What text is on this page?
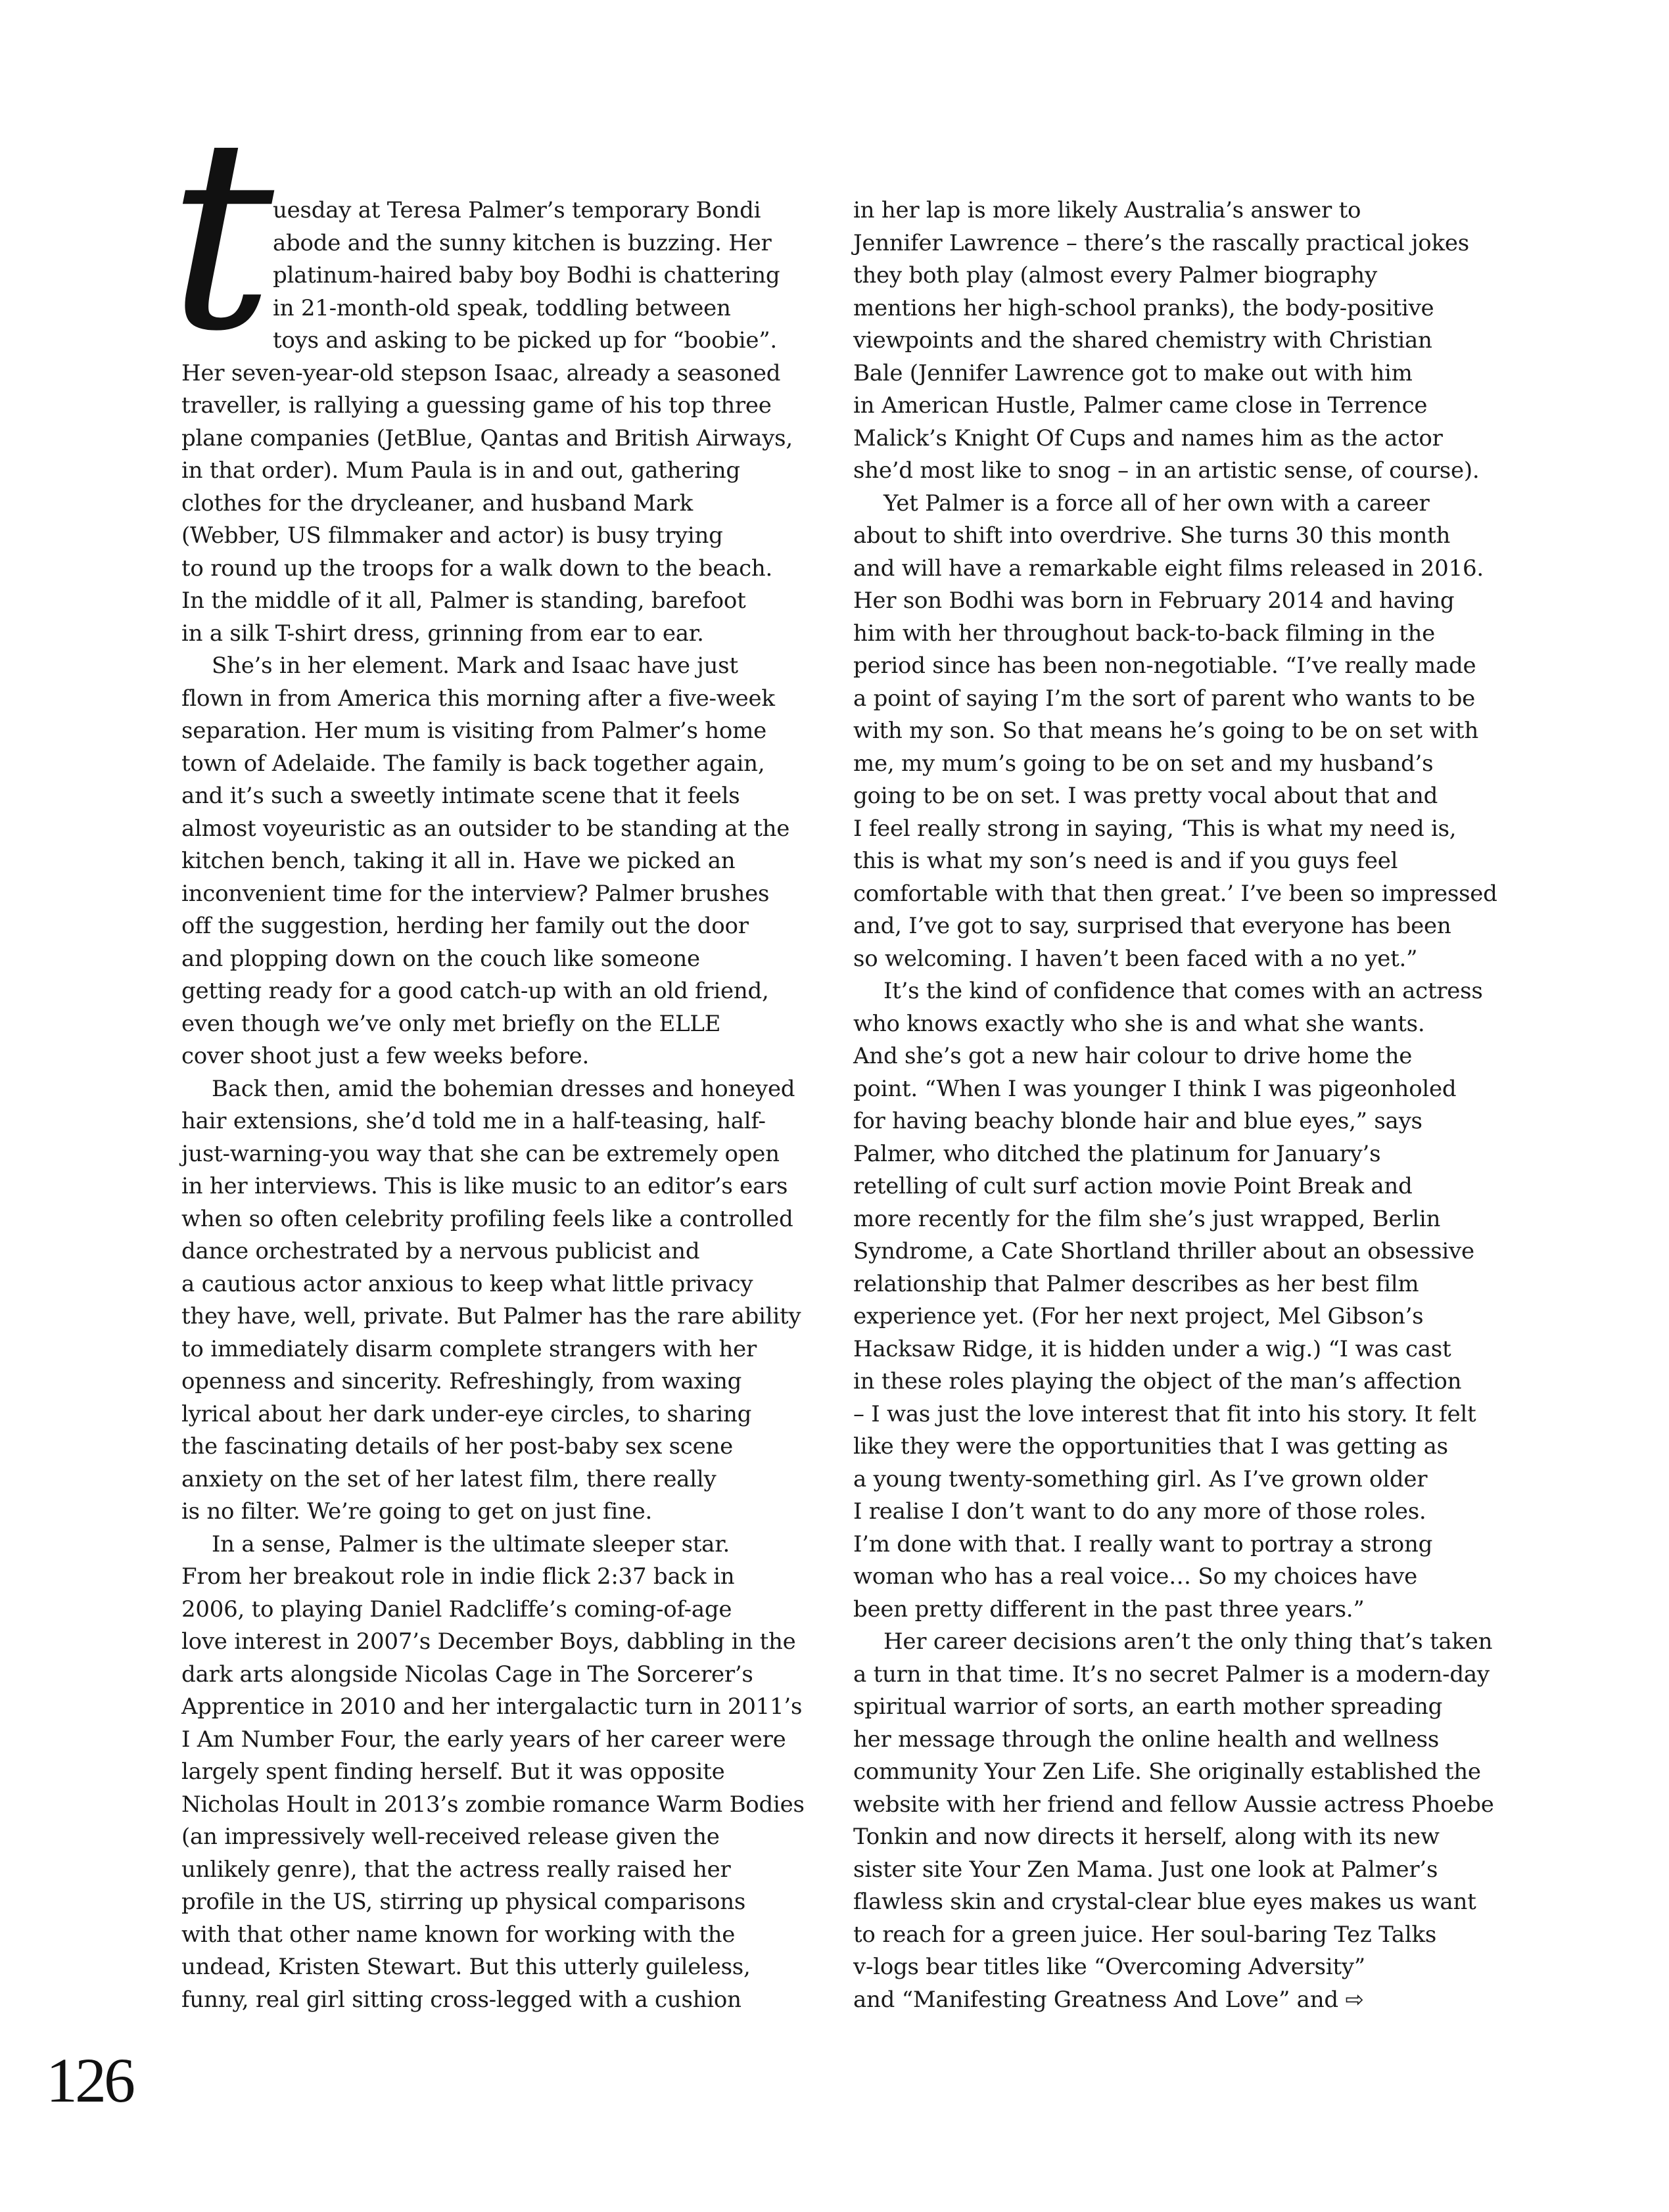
t uesday at Teresa Palmer’s temporary Bondi
abode and the sunny kitchen is buzzing. Her
platinum-haired baby boy Bodhi is chattering
in 21-month-old speak, toddling between
toys and asking to be picked up for “boobie”.
Her seven-year-old stepson Isaac, already a seasoned
traveller, is rallying a guessing game of his top three
plane companies (JetBlue, Qantas and British Airways,
in that order). Mum Paula is in and out, gathering
clothes for the drycleaner, and husband Mark
(Webber, US filmmaker and actor) is busy trying
to round up the troops for a walk down to the beach.
In the middle of it all, Palmer is standing, barefoot
in a silk T-shirt dress, grinning from ear to ear.
She’s in her element. Mark and Isaac have just
flown in from America this morning after a five-week
separation. Her mum is visiting from Palmer’s home
town of Adelaide. The family is back together again,
and it’s such a sweetly intimate scene that it feels
almost voyeuristic as an outsider to be standing at the
kitchen bench, taking it all in. Have we picked an
inconvenient time for the interview? Palmer brushes
off the suggestion, herding her family out the door
and plopping down on the couch like someone
getting ready for a good catch-up with an old friend,
even though we’ve only met briefly on the ELLE
cover shoot just a few weeks before.
Back then, amid the bohemian dresses and honeyed
hair extensions, she’d told me in a half-teasing, half-
just-warning-you way that she can be extremely open
in her interviews. This is like music to an editor’s ears
when so often celebrity profiling feels like a controlled
dance orchestrated by a nervous publicist and
a cautious actor anxious to keep what little privacy
they have, well, private. But Palmer has the rare ability
to immediately disarm complete strangers with her
openness and sincerity. Refreshingly, from waxing
lyrical about her dark under-eye circles, to sharing
the fascinating details of her post-baby sex scene
anxiety on the set of her latest film, there really
is no filter. We’re going to get on just fine.
In a sense, Palmer is the ultimate sleeper star.
From her breakout role in indie flick 2:37 back in
2006, to playing Daniel Radcliffe’s coming-of-age
love interest in 2007’s December Boys, dabbling in the
dark arts alongside Nicolas Cage in The Sorcerer’s
Apprentice in 2010 and her intergalactic turn in 2011’s
I Am Number Four, the early years of her career were
largely spent finding herself. But it was opposite
Nicholas Hoult in 2013’s zombie romance Warm Bodies
(an impressively well-received release given the
unlikely genre), that the actress really raised her
profile in the US, stirring up physical comparisons
with that other name known for working with the
undead, Kristen Stewart. But this utterly guileless,
funny, real girl sitting cross-legged with a cushion
in her lap is more likely Australia’s answer to
Jennifer Lawrence – there’s the rascally practical jokes
they both play (almost every Palmer biography
mentions her high-school pranks), the body-positive
viewpoints and the shared chemistry with Christian
Bale (Jennifer Lawrence got to make out with him
in American Hustle, Palmer came close in Terrence
Malick’s Knight Of Cups and names him as the actor
she’d most like to snog – in an artistic sense, of course).
Yet Palmer is a force all of her own with a career
about to shift into overdrive. She turns 30 this month
and will have a remarkable eight films released in 2016.
Her son Bodhi was born in February 2014 and having
him with her throughout back-to-back filming in the
period since has been non-negotiable. “I’ve really made
a point of saying I’m the sort of parent who wants to be
with my son. So that means he’s going to be on set with
me, my mum’s going to be on set and my husband’s
going to be on set. I was pretty vocal about that and
I feel really strong in saying, ‘This is what my need is,
this is what my son’s need is and if you guys feel
comfortable with that then great.’ I’ve been so impressed
and, I’ve got to say, surprised that everyone has been
so welcoming. I haven’t been faced with a no yet.”
It’s the kind of confidence that comes with an actress
who knows exactly who she is and what she wants.
And she’s got a new hair colour to drive home the
point. “When I was younger I think I was pigeonholed
for having beachy blonde hair and blue eyes,” says
Palmer, who ditched the platinum for January’s
retelling of cult surf action movie Point Break and
more recently for the film she’s just wrapped, Berlin
Syndrome, a Cate Shortland thriller about an obsessive
relationship that Palmer describes as her best film
experience yet. (For her next project, Mel Gibson’s
Hacksaw Ridge, it is hidden under a wig.) “I was cast
in these roles playing the object of the man’s affection
– I was just the love interest that fit into his story. It felt
like they were the opportunities that I was getting as
a young twenty-something girl. As I’ve grown older
I realise I don’t want to do any more of those roles.
I’m done with that. I really want to portray a strong
woman who has a real voice… So my choices have
been pretty different in the past three years.”
Her career decisions aren’t the only thing that’s taken
a turn in that time. It’s no secret Palmer is a modern-day
spiritual warrior of sorts, an earth mother spreading
her message through the online health and wellness
community Your Zen Life. She originally established the
website with her friend and fellow Aussie actress Phoebe
Tonkin and now directs it herself, along with its new
sister site Your Zen Mama. Just one look at Palmer’s
flawless skin and crystal-clear blue eyes makes us want
to reach for a green juice. Her soul-baring Tez Talks
v-logs bear titles like “Overcoming Adversity”
and “Manifesting Greatness And Love” and ⇨
126
